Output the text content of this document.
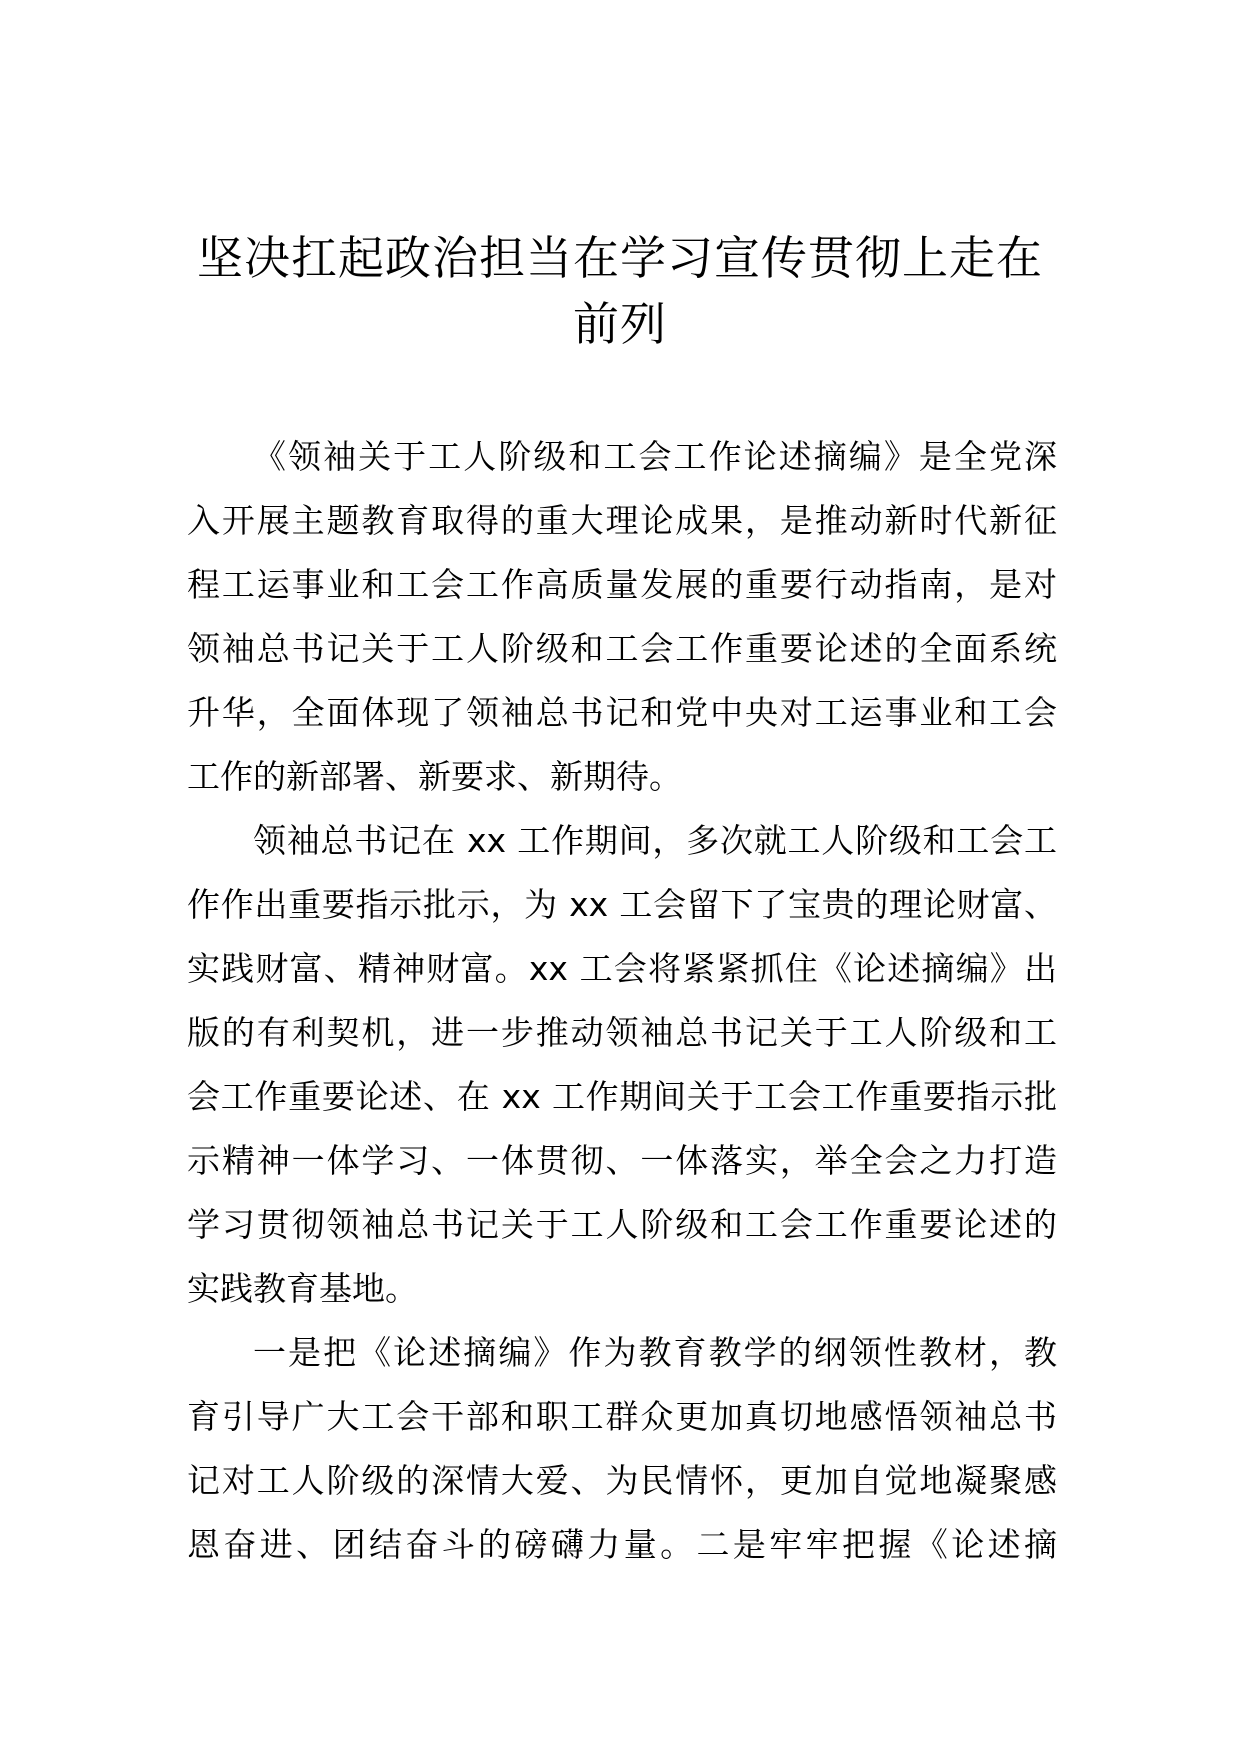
坚决扛起政治担当在学习宣传贯彻上走在
前列
《领袖关于工人阶级和工会工作论述摘编》是全党深
入开展主题教育取得的重大理论成果，是推动新时代新征
程工运事业和工会工作高质量发展的重要行动指南，是对
领袖总书记关于工人阶级和工会工作重要论述的全面系统
升华，全面体现了领袖总书记和党中央对工运事业和工会
工作的新部署、新要求、新期待。
领袖总书记在 xx 工作期间，多次就工人阶级和工会工
作作出重要指示批示，为 xx 工会留下了宝贵的理论财富、
实践财富、精神财富。xx 工会将紧紧抓住《论述摘编》出
版的有利契机，进一步推动领袖总书记关于工人阶级和工
会工作重要论述、在 xx 工作期间关于工会工作重要指示批
示精神一体学习、一体贯彻、一体落实，举全会之力打造
学习贯彻领袖总书记关于工人阶级和工会工作重要论述的
实践教育基地。
一是把《论述摘编》作为教育教学的纲领性教材，教
育引导广大工会干部和职工群众更加真切地感悟领袖总书
记对工人阶级的深情大爱、为民情怀，更加自觉地凝聚感
恩奋进、团结奋斗的磅礴力量。二是牢牢把握《论述摘
